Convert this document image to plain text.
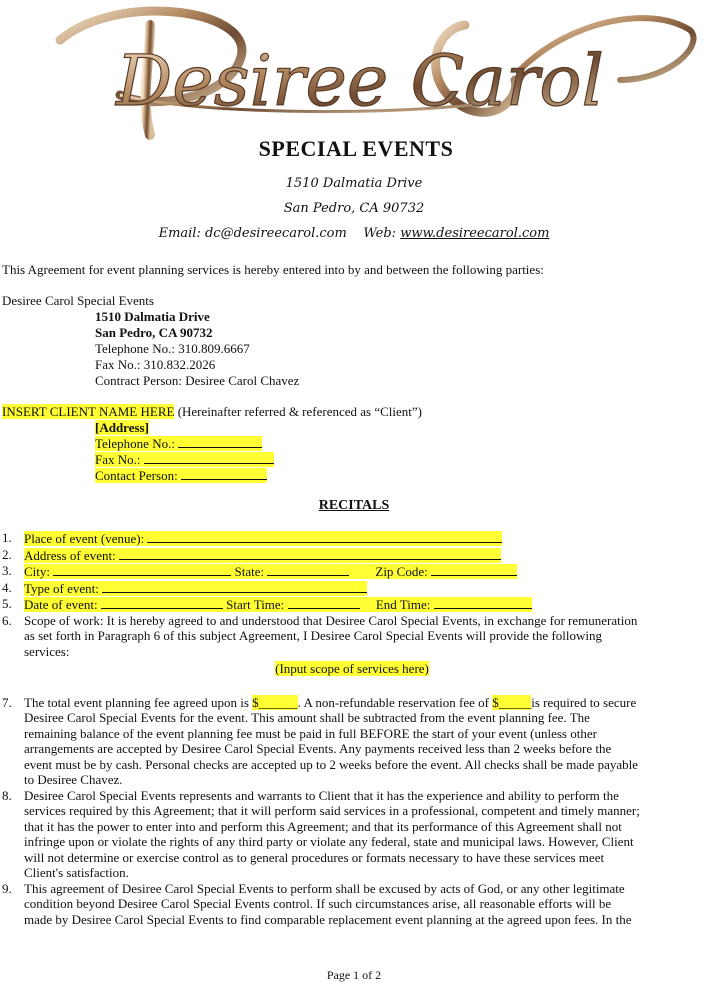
Desiree Carol
SPECIAL EVENTS
1510 Dalmatia Drive
San Pedro, CA 90732
Email: dc@desireecarol.com Web: www.desireecarol.com
This Agreement for event planning services is hereby entered into by and between the following parties:
Desiree Carol Special Events
1510 Dalmatia Drive
San Pedro, CA 90732
Telephone No.: 310.809.6667
Fax No.: 310.832.2026
Contract Person: Desiree Carol Chavez
INSERT CLIENT NAME HERE (Hereinafter referred & referenced as “Client”)
[Address]
Telephone No.:
Fax No.:
Contact Person:
RECITALS
1. Place of event (venue):
2. Address of event:
3. City:	State:	Zip Code:
4. Type of event:
5. Date of event:	Start Time:	End Time:
6. Scope of work: It is hereby agreed to and understood that Desiree Carol Special Events, in exchange for remuneration
as set forth in Paragraph 6 of this subject Agreement, I Desiree Carol Special Events will provide the following
services:
(Input scope of services here)
7. The total event planning fee agreed upon is $______. A non-refundable reservation fee of $_____is required to secure
Desiree Carol Special Events for the event. This amount shall be subtracted from the event planning fee. The
remaining balance of the event planning fee must be paid in full BEFORE the start of your event (unless other
arrangements are accepted by Desiree Carol Special Events. Any payments received less than 2 weeks before the
event must be by cash. Personal checks are accepted up to 2 weeks before the event. All checks shall be made payable
to Desiree Chavez.
8. Desiree Carol Special Events represents and warrants to Client that it has the experience and ability to perform the
services required by this Agreement; that it will perform said services in a professional, competent and timely manner;
that it has the power to enter into and perform this Agreement; and that its performance of this Agreement shall not
infringe upon or violate the rights of any third party or violate any federal, state and municipal laws. However, Client
will not determine or exercise control as to general procedures or formats necessary to have these services meet
Client's satisfaction.
9. This agreement of Desiree Carol Special Events to perform shall be excused by acts of God, or any other legitimate
condition beyond Desiree Carol Special Events control. If such circumstances arise, all reasonable efforts will be
made by Desiree Carol Special Events to find comparable replacement event planning at the agreed upon fees. In the
Page 1 of 2
